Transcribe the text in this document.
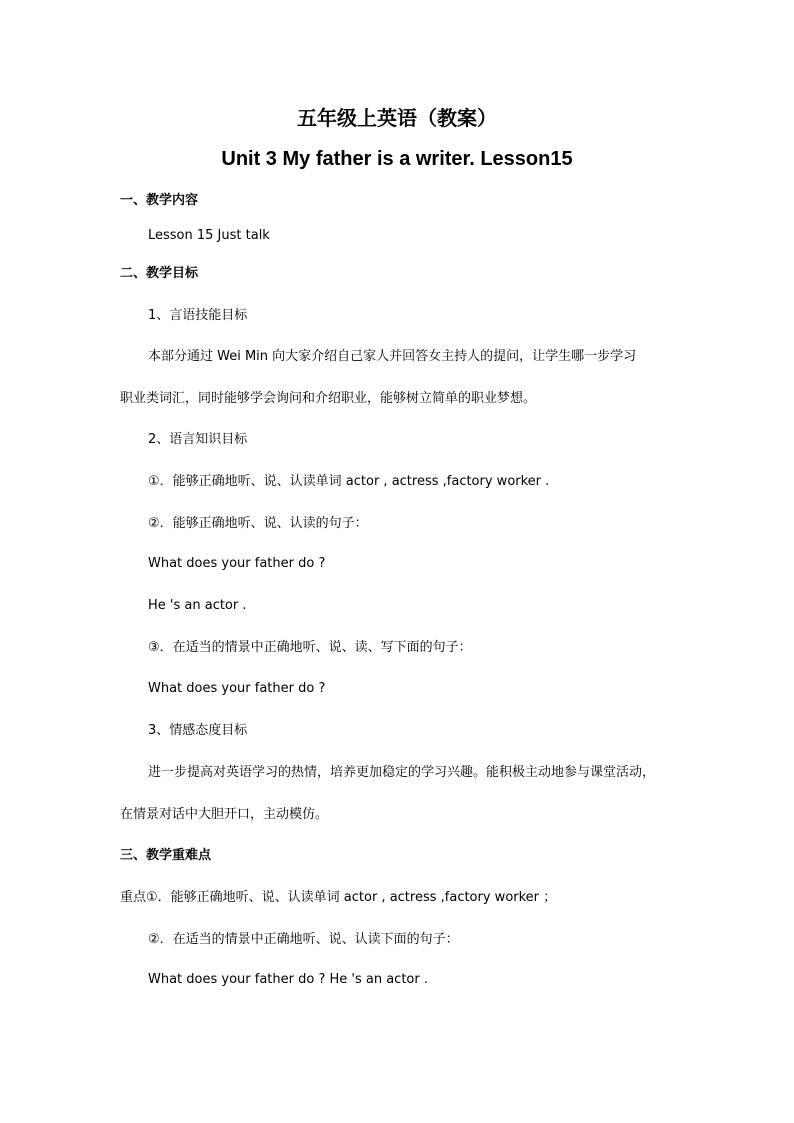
五年级上英语（教案）
Unit 3 My father is a writer. Lesson15
一、教学内容
Lesson 15 Just talk
二、教学目标
1、言语技能目标
本部分通过 Wei Min 向大家介绍自己家人并回答女主持人的提问，让学生哪一步学习
职业类词汇，同时能够学会询问和介绍职业，能够树立简单的职业梦想。
2、语言知识目标
①．能够正确地听、说、认读单词 actor , actress ,factory worker .
②．能够正确地听、说、认读的句子：
What does your father do ?
He 's an actor .
③．在适当的情景中正确地听、说、读、写下面的句子：
What does your father do ?
3、情感态度目标
进一步提高对英语学习的热情，培养更加稳定的学习兴趣。能积极主动地参与课堂活动，
在情景对话中大胆开口，主动模仿。
三、教学重难点
重点①．能够正确地听、说、认读单词 actor , actress ,factory worker ；
②．在适当的情景中正确地听、说、认读下面的句子：
What does your father do ? He 's an actor .
